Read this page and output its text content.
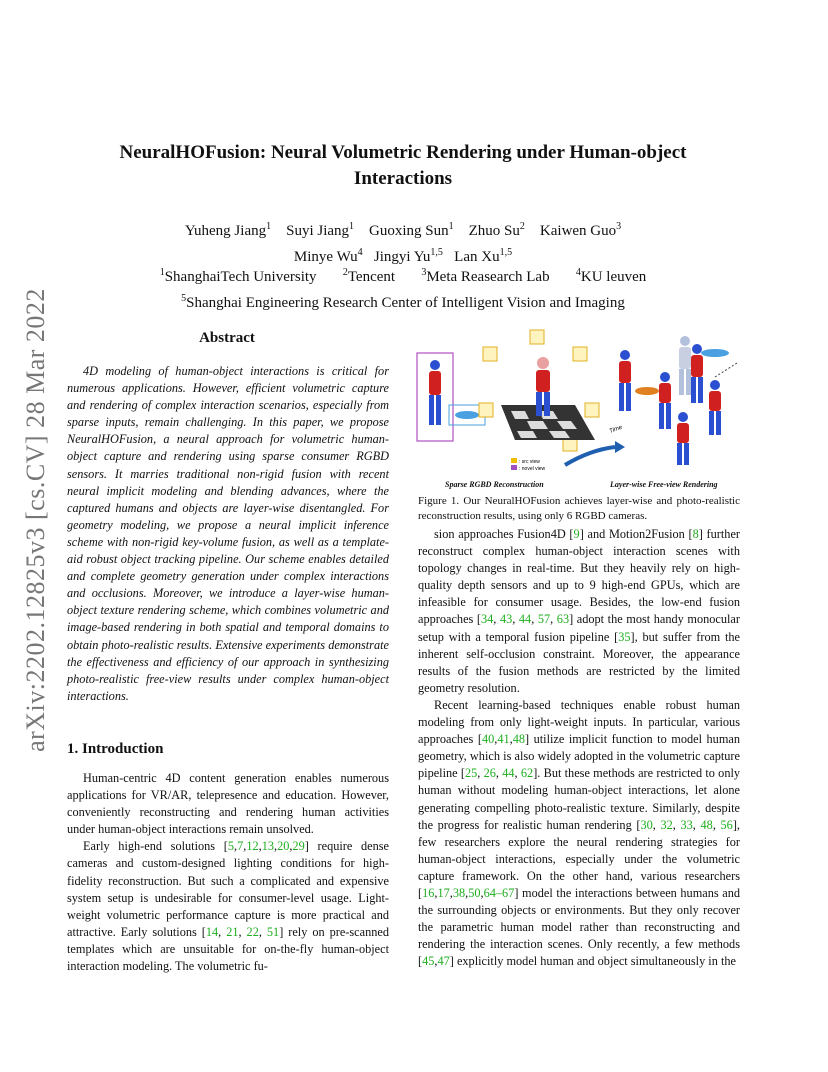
arXiv:2202.12825v3 [cs.CV] 28 Mar 2022
NeuralHOFusion: Neural Volumetric Rendering under Human-object
Interactions
Yuheng Jiang$^1$ Suyi Jiang$^1$ Guoxing Sun$^1$ Zhuo Su$^2$ Kaiwen Guo$^3$
Minye Wu$^4$ Jingyi Yu$^{1,5}$ Lan Xu$^{1,5}$
$^1$ShanghaiTech University	$^2$Tencent	$^3$Meta Reasearch Lab	$^4$KU leuven
$^5$Shanghai Engineering Research Center of Intelligent Vision and Imaging
Abstract

4D modeling of human-object interactions is critical for numerous applications. However, efficient volumetric capture and rendering of complex interaction scenarios, especially from sparse inputs, remain challenging. In this paper, we propose NeuralHOFusion, a neural approach for volumetric human-object capture and rendering using sparse consumer RGBD sensors. It marries traditional non-rigid fusion with recent neural implicit modeling and blending advances, where the captured humans and objects are layer-wise disentangled. For geometry modeling, we propose a neural implicit inference scheme with non-rigid key-volume fusion, as well as a template-aid robust object tracking pipeline. Our scheme enables detailed and complete geometry generation under complex interactions and occlusions. Moreover, we introduce a layer-wise human-object texture rendering scheme, which combines volumetric and image-based rendering in both spatial and temporal domains to obtain photo-realistic results. Extensive experiments demonstrate the effectiveness and efficiency of our approach in synthesizing photo-realistic free-view results under complex human-object interactions.

1. Introduction

Human-centric 4D content generation enables numerous applications for VR/AR, telepresence and education. However, conveniently reconstructing and rendering human activities under human-object interactions remain unsolved.

Early high-end solutions [5,7,12,13,20,29] require dense cameras and custom-designed lighting conditions for high-fidelity reconstruction. But such a complicated and expensive system setup is undesirable for consumer-level usage. Light-weight volumetric performance capture is more practical and attractive. Early solutions [14, 21, 22, 51] rely on pre-scanned templates which are unsuitable for on-the-fly human-object interaction modeling. The volumetric fu-

: src view
: novel view
Time
Sparse RGBD Reconstruction	Layer-wise Free-view Rendering
Figure 1. Our NeuralHOFusion achieves layer-wise and photo-realistic reconstruction results, using only 6 RGBD cameras.

sion approaches Fusion4D [9] and Motion2Fusion [8] further reconstruct complex human-object interaction scenes with topology changes in real-time. But they heavily rely on high-quality depth sensors and up to 9 high-end GPUs, which are infeasible for consumer usage. Besides, the low-end fusion approaches [34, 43, 44, 57, 63] adopt the most handy monocular setup with a temporal fusion pipeline [35], but suffer from the inherent self-occlusion constraint. Moreover, the appearance results of the fusion methods are restricted by the limited geometry resolution.

Recent learning-based techniques enable robust human modeling from only light-weight inputs. In particular, various approaches [40,41,48] utilize implicit function to model human geometry, which is also widely adopted in the volumetric capture pipeline [25, 26, 44, 62]. But these methods are restricted to only human without modeling human-object interactions, let alone generating compelling photo-realistic texture. Similarly, despite the progress for realistic human rendering [30, 32, 33, 48, 56], few researchers explore the neural rendering strategies for human-object interactions, especially under the volumetric capture framework. On the other hand, various researchers [16,17,38,50,64–67] model the interactions between humans and the surrounding objects or environments. But they only recover the parametric human model rather than reconstructing and rendering the interaction scenes. Only recently, a few methods [45,47] explicitly model human and object simultaneously in the
